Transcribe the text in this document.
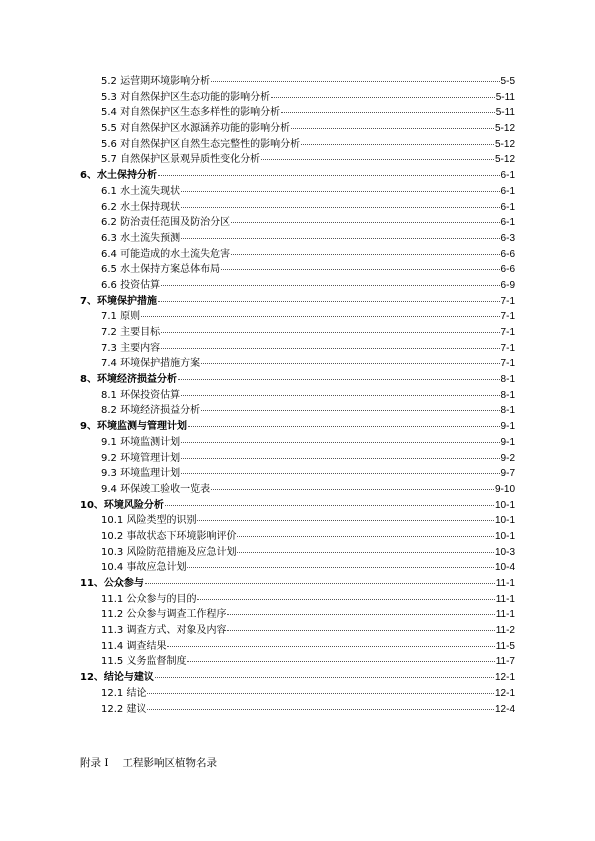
5.2 运营期环境影响分析	5-5
5.3 对自然保护区生态功能的影响分析	5-11
5.4 对自然保护区生态多样性的影响分析	5-11
5.5 对自然保护区水源涵养功能的影响分析	5-12
5.6 对自然保护区自然生态完整性的影响分析	5-12
5.7 自然保护区景观异质性变化分析	5-12
6、水土保持分析	6-1
6.1 水土流失现状	6-1
6.2 水土保持现状	6-1
6.2 防治责任范围及防治分区	6-1
6.3 水土流失预测	6-3
6.4 可能造成的水土流失危害	6-6
6.5 水土保持方案总体布局	6-6
6.6 投资估算	6-9
7、环境保护措施	7-1
7.1 原则	7-1
7.2 主要目标	7-1
7.3 主要内容	7-1
7.4 环境保护措施方案	7-1
8、环境经济损益分析	8-1
8.1 环保投资估算	8-1
8.2 环境经济损益分析	8-1
9、环境监测与管理计划	9-1
9.1 环境监测计划	9-1
9.2 环境管理计划	9-2
9.3 环境监理计划	9-7
9.4 环保竣工验收一览表	9-10
10、环境风险分析	10-1
10.1 风险类型的识别	10-1
10.2 事故状态下环境影响评价	10-1
10.3 风险防范措施及应急计划	10-3
10.4 事故应急计划	10-4
11、公众参与	11-1
11.1 公众参与的目的	11-1
11.2 公众参与调查工作程序	11-1
11.3 调查方式、对象及内容	11-2
11.4 调查结果	11-5
11.5 义务监督制度	11-7
12、结论与建议	12-1
12.1 结论	12-1
12.2 建议	12-4
附录 I 工程影响区植物名录
